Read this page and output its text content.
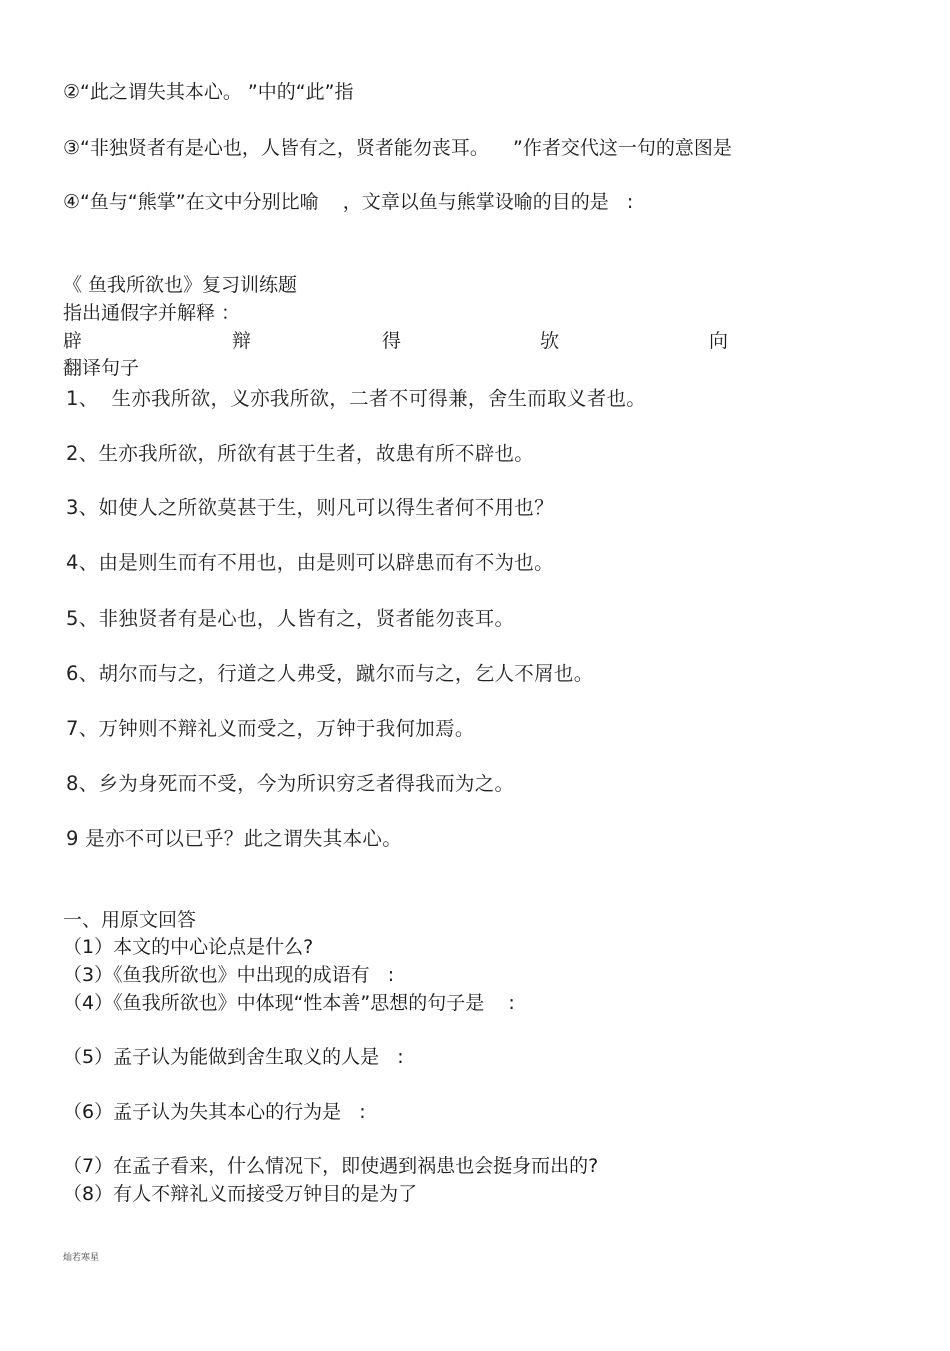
②“此之谓失其本心。 ”中的“此”指
③“非独贤者有是心也，人皆有之，贤者能勿丧耳。    ”作者交代这一句的意图是
④“鱼与“熊掌”在文中分别比喻    ，文章以鱼与熊掌设喻的目的是   :
《 鱼我所欲也》复习训练题
指出通假字并解释 ：
辟	辩	得	欤	向
翻译句子
1、  生亦我所欲，义亦我所欲，二者不可得兼，舍生而取义者也。
2、生亦我所欲，所欲有甚于生者，故患有所不辟也。
3、如使人之所欲莫甚于生，则凡可以得生者何不用也？
4、由是则生而有不用也，由是则可以辟患而有不为也。
5、非独贤者有是心也，人皆有之，贤者能勿丧耳。
6、胡尔而与之，行道之人弗受，蹴尔而与之，乞人不屑也。
7、万钟则不辩礼义而受之，万钟于我何加焉。
8、乡为身死而不受，今为所识穷乏者得我而为之。
9 是亦不可以已乎？此之谓失其本心。
一、用原文回答
（1）本文的中心论点是什么?
（3）《鱼我所欲也》中出现的成语有   :
（4）《鱼我所欲也》中体现“性本善”思想的句子是    :
（5）孟子认为能做到舍生取义的人是   :
（6）孟子认为失其本心的行为是   :
（7）在孟子看来，什么情况下，即使遇到祸患也会挺身而出的?
（8）有人不辩礼义而接受万钟目的是为了
灿若寒星
